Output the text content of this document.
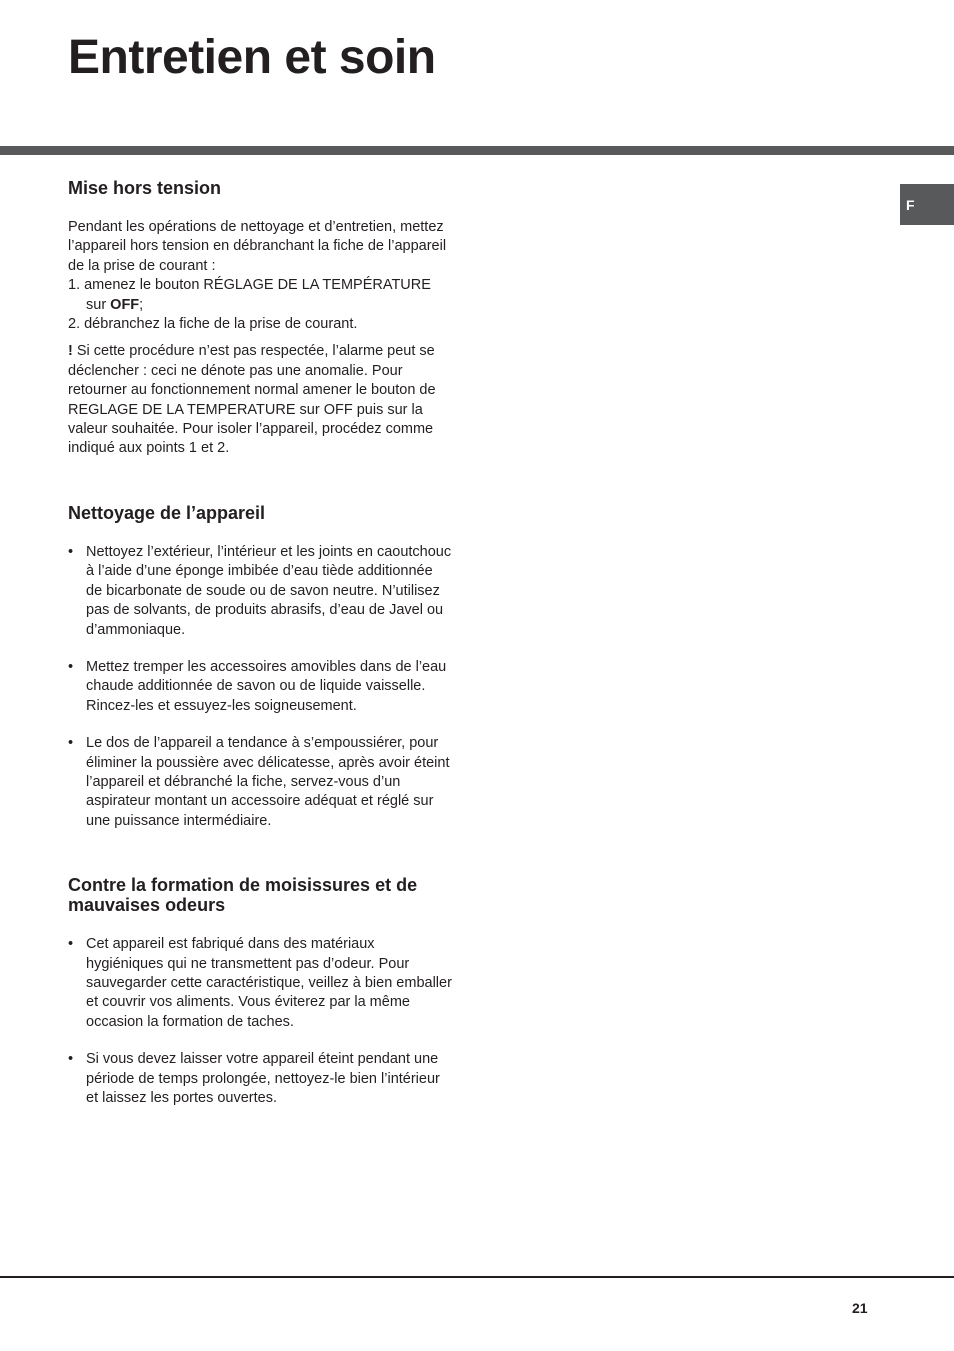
Entretien et soin
F
Mise hors tension

Pendant les opérations de nettoyage et d’entretien, mettez l’appareil hors tension en débranchant la fiche de l’appareil de la prise de courant :

1. amenez le bouton RÉGLAGE DE LA TEMPÉRATURE sur OFF;
2. débranchez la fiche de la prise de courant.

! Si cette procédure n’est pas respectée, l’alarme peut se déclencher : ceci ne dénote pas une anomalie. Pour retourner au fonctionnement normal amener le bouton de REGLAGE DE LA TEMPERATURE sur OFF puis sur la valeur souhaitée. Pour isoler l’appareil, procédez comme indiqué aux points 1 et 2.

Nettoyage de l’appareil
• Nettoyez l’extérieur, l’intérieur et les joints en caoutchouc à l’aide d’une éponge imbibée d’eau tiède additionnée de bicarbonate de soude ou de savon neutre. N’utilisez pas de solvants, de produits abrasifs, d’eau de Javel ou d’ammoniaque.
• Mettez tremper les accessoires amovibles dans de l’eau chaude additionnée de savon ou de liquide vaisselle. Rincez-les et essuyez-les soigneusement.
• Le dos de l’appareil a tendance à s’empoussiérer, pour éliminer la poussière avec délicatesse, après avoir éteint l’appareil et débranché la fiche, servez-vous d’un aspirateur montant un accessoire adéquat et réglé sur une puissance intermédiaire.
Contre la formation de moisissures et de mauvaises odeurs
• Cet appareil est fabriqué dans des matériaux hygiéniques qui ne transmettent pas d’odeur. Pour sauvegarder cette caractéristique, veillez à bien emballer et couvrir vos aliments. Vous éviterez par la même occasion la formation de taches.
• Si vous devez laisser votre appareil éteint pendant une période de temps prolongée, nettoyez-le bien l’intérieur et laissez les portes ouvertes.
21
